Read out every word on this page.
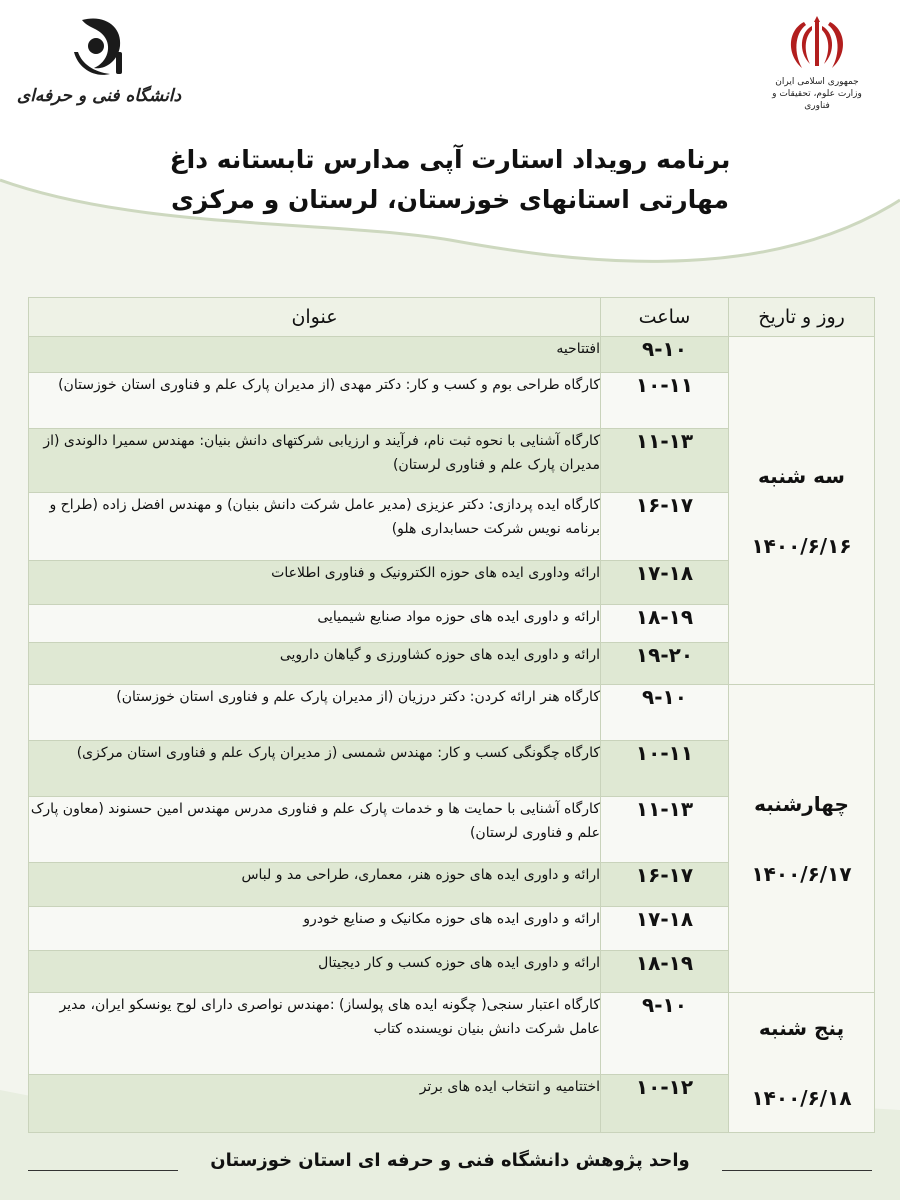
جمهوری اسلامی ایران
وزارت علوم، تحقیقات و فناوری
دانشگاه فنی و حرفه‌ای
برنامه رویداد استارت آپی مدارس تابستانه داغ
مهارتی استانهای خوزستان، لرستان و مرکزی
روز و تاریخ	ساعت	عنوان

سه شنبه
۱۴۰۰/۶/۱۶	۹-۱۰	افتتاحیه
	۱۰-۱۱	کارگاه طراحی بوم و کسب و کار: دکتر مهدی (از مدیران پارک علم و فناوری استان خوزستان)
	۱۱-۱۳	کارگاه آشنایی با نحوه ثبت نام، فرآیند و ارزیابی شرکتهای دانش بنیان: مهندس سمیرا دالوندی (از مدیران پارک علم و فناوری لرستان)
	۱۶-۱۷	کارگاه ایده پردازی: دکتر عزیزی (مدیر عامل شرکت دانش بنیان) و مهندس افضل زاده (طراح و برنامه نویس شرکت حسابداری هلو)
	۱۷-۱۸	ارائه وداوری ایده های حوزه الکترونیک و فناوری اطلاعات
	۱۸-۱۹	ارائه و داوری ایده های حوزه مواد صنایع شیمیایی
	۱۹-۲۰	ارائه و داوری ایده های حوزه کشاورزی و گیاهان دارویی

چهارشنبه
۱۴۰۰/۶/۱۷	۹-۱۰	کارگاه هنر ارائه کردن: دکتر درزیان (از مدیران پارک علم و فناوری استان خوزستان)
	۱۰-۱۱	کارگاه چگونگی کسب و کار: مهندس شمسی (ز مدیران پارک علم و فناوری استان مرکزی)
	۱۱-۱۳	کارگاه آشنایی با حمایت ها و خدمات پارک علم و فناوری مدرس مهندس امین حسنوند (معاون پارک علم و فناوری لرستان)
	۱۶-۱۷	ارائه و داوری ایده های حوزه هنر، معماری، طراحی مد و لباس
	۱۷-۱۸	ارائه و داوری ایده های حوزه مکانیک و صنایع خودرو
	۱۸-۱۹	ارائه و داوری ایده های حوزه کسب و کار دیجیتال

پنج شنبه
۱۴۰۰/۶/۱۸	۹-۱۰	کارگاه اعتبار سنجی( چگونه ایده های پولساز) :مهندس نواصری دارای لوح یونسکو ایران، مدیر عامل شرکت دانش بنیان نویسنده کتاب
	۱۰-۱۲	اختتامیه و انتخاب ایده های برتر
واحد پژوهش دانشگاه فنی و حرفه ای استان خوزستان
